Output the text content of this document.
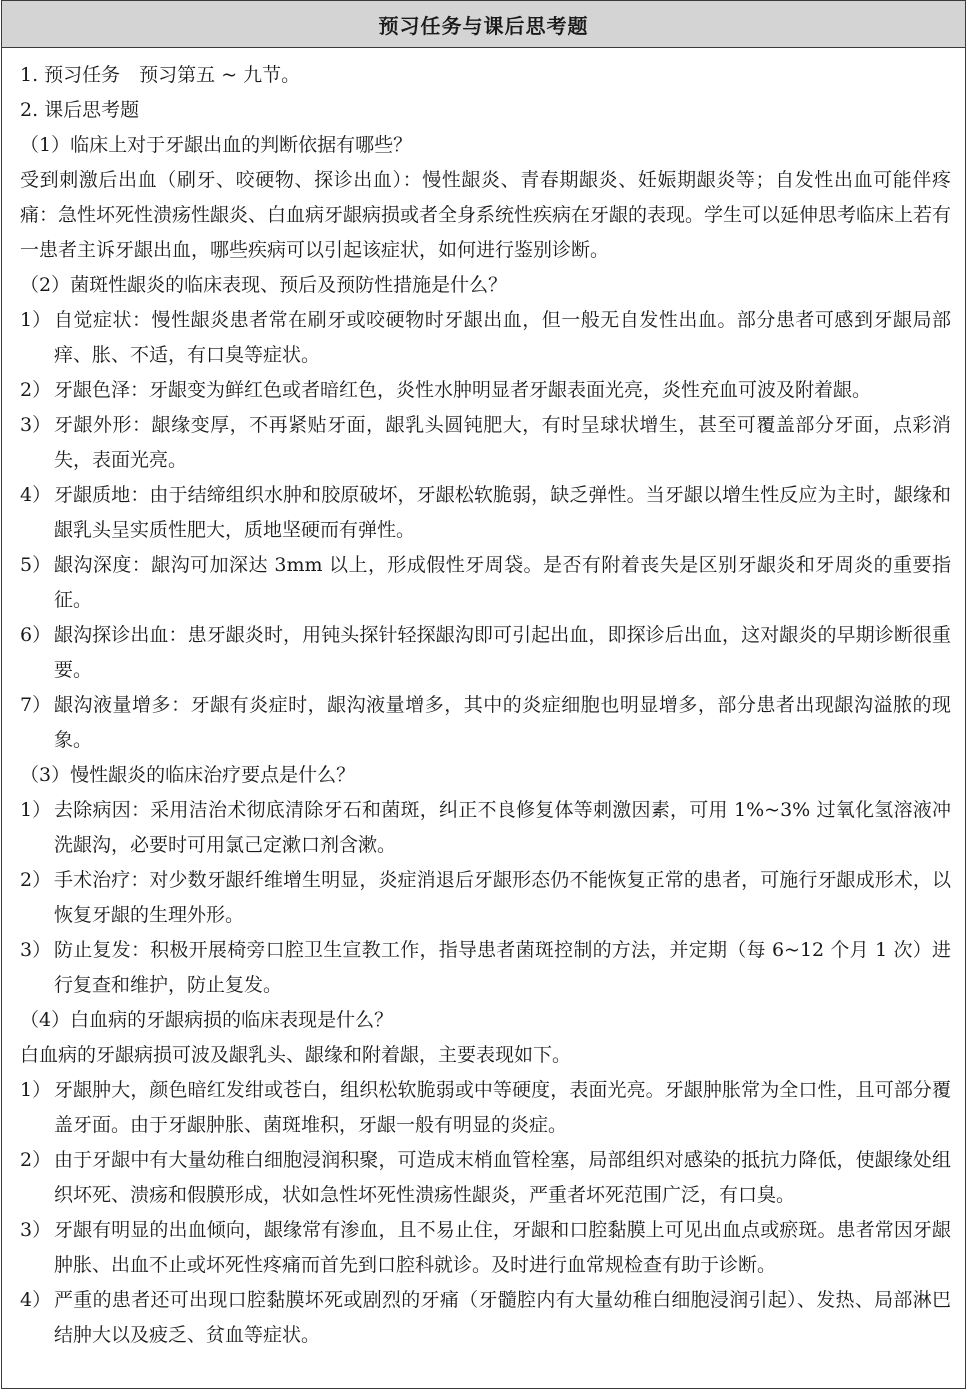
预习任务与课后思考题

1. 预习任务　预习第五 ~ 九节。

2. 课后思考题

（1）临床上对于牙龈出血的判断依据有哪些？

受到刺激后出血（刷牙、咬硬物、探诊出血）：慢性龈炎、青春期龈炎、妊娠期龈炎等；自发性出血可能伴疼痛：急性坏死性溃疡性龈炎、白血病牙龈病损或者全身系统性疾病在牙龈的表现。学生可以延伸思考临床上若有一患者主诉牙龈出血，哪些疾病可以引起该症状，如何进行鉴别诊断。

（2）菌斑性龈炎的临床表现、预后及预防性措施是什么？

1） 自觉症状：慢性龈炎患者常在刷牙或咬硬物时牙龈出血，但一般无自发性出血。部分患者可感到牙龈局部痒、胀、不适，有口臭等症状。
2） 牙龈色泽：牙龈变为鲜红色或者暗红色，炎性水肿明显者牙龈表面光亮，炎性充血可波及附着龈。
3） 牙龈外形：龈缘变厚，不再紧贴牙面，龈乳头圆钝肥大，有时呈球状增生，甚至可覆盖部分牙面，点彩消失，表面光亮。
4） 牙龈质地：由于结缔组织水肿和胶原破坏，牙龈松软脆弱，缺乏弹性。当牙龈以增生性反应为主时，龈缘和龈乳头呈实质性肥大，质地坚硬而有弹性。
5） 龈沟深度：龈沟可加深达 3mm 以上，形成假性牙周袋。是否有附着丧失是区别牙龈炎和牙周炎的重要指征。
6） 龈沟探诊出血：患牙龈炎时，用钝头探针轻探龈沟即可引起出血，即探诊后出血，这对龈炎的早期诊断很重要。
7） 龈沟液量增多：牙龈有炎症时，龈沟液量增多，其中的炎症细胞也明显增多，部分患者出现龈沟溢脓的现象。

（3）慢性龈炎的临床治疗要点是什么？

1） 去除病因：采用洁治术彻底清除牙石和菌斑，纠正不良修复体等刺激因素，可用 1%~3% 过氧化氢溶液冲洗龈沟，必要时可用氯己定漱口剂含漱。
2） 手术治疗：对少数牙龈纤维增生明显，炎症消退后牙龈形态仍不能恢复正常的患者，可施行牙龈成形术，以恢复牙龈的生理外形。
3） 防止复发：积极开展椅旁口腔卫生宣教工作，指导患者菌斑控制的方法，并定期（每 6~12 个月 1 次）进行复查和维护，防止复发。

（4）白血病的牙龈病损的临床表现是什么？

白血病的牙龈病损可波及龈乳头、龈缘和附着龈，主要表现如下。

1） 牙龈肿大，颜色暗红发绀或苍白，组织松软脆弱或中等硬度，表面光亮。牙龈肿胀常为全口性，且可部分覆盖牙面。由于牙龈肿胀、菌斑堆积，牙龈一般有明显的炎症。
2） 由于牙龈中有大量幼稚白细胞浸润积聚，可造成末梢血管栓塞，局部组织对感染的抵抗力降低，使龈缘处组织坏死、溃疡和假膜形成，状如急性坏死性溃疡性龈炎，严重者坏死范围广泛，有口臭。
3） 牙龈有明显的出血倾向，龈缘常有渗血，且不易止住，牙龈和口腔黏膜上可见出血点或瘀斑。患者常因牙龈肿胀、出血不止或坏死性疼痛而首先到口腔科就诊。及时进行血常规检查有助于诊断。
4） 严重的患者还可出现口腔黏膜坏死或剧烈的牙痛（牙髓腔内有大量幼稚白细胞浸润引起）、发热、局部淋巴结肿大以及疲乏、贫血等症状。
